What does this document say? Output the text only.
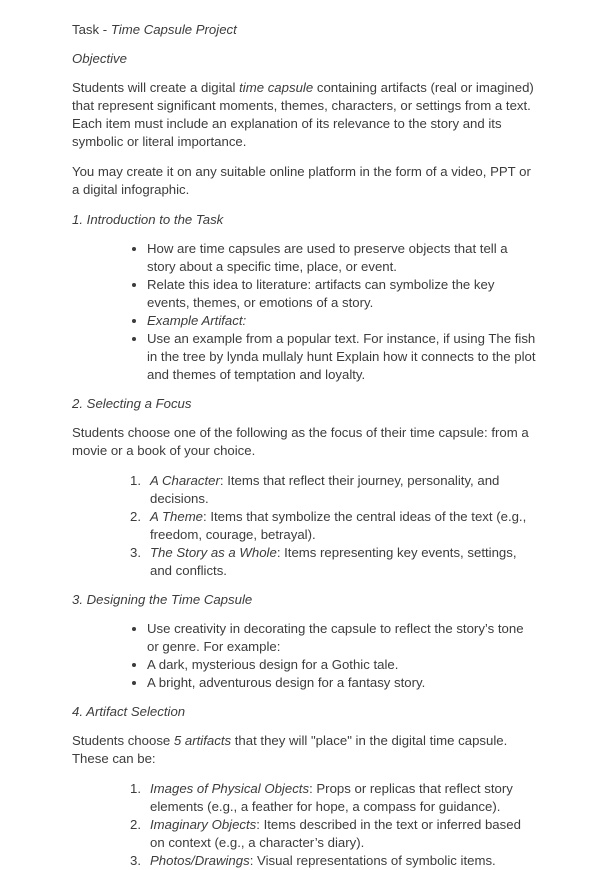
Task - Time Capsule Project

Objective

Students will create a digital time capsule containing artifacts (real or imagined) that represent significant moments, themes, characters, or settings from a text. Each item must include an explanation of its relevance to the story and its symbolic or literal importance.

You may create it on any suitable online platform in the form of a video, PPT or a digital infographic.

1. Introduction to the Task

How are time capsules are used to preserve objects that tell a story about a specific time, place, or event.
Relate this idea to literature: artifacts can symbolize the key events, themes, or emotions of a story.
Example Artifact:
Use an example from a popular text. For instance, if using The fish in the tree by lynda mullaly hunt Explain how it connects to the plot and themes of temptation and loyalty.

2. Selecting a Focus

Students choose one of the following as the focus of their time capsule: from a movie or a book of your choice.

A Character: Items that reflect their journey, personality, and decisions.
A Theme: Items that symbolize the central ideas of the text (e.g., freedom, courage, betrayal).
The Story as a Whole: Items representing key events, settings, and conflicts.

3. Designing the Time Capsule

Use creativity in decorating the capsule to reflect the story’s tone or genre. For example:
A dark, mysterious design for a Gothic tale.
A bright, adventurous design for a fantasy story.

4. Artifact Selection

Students choose 5 artifacts that they will "place" in the digital time capsule. These can be:

Images of Physical Objects: Props or replicas that reflect story elements (e.g., a feather for hope, a compass for guidance).
Imaginary Objects: Items described in the text or inferred based on context (e.g., a character’s diary).
Photos/Drawings: Visual representations of symbolic items.
